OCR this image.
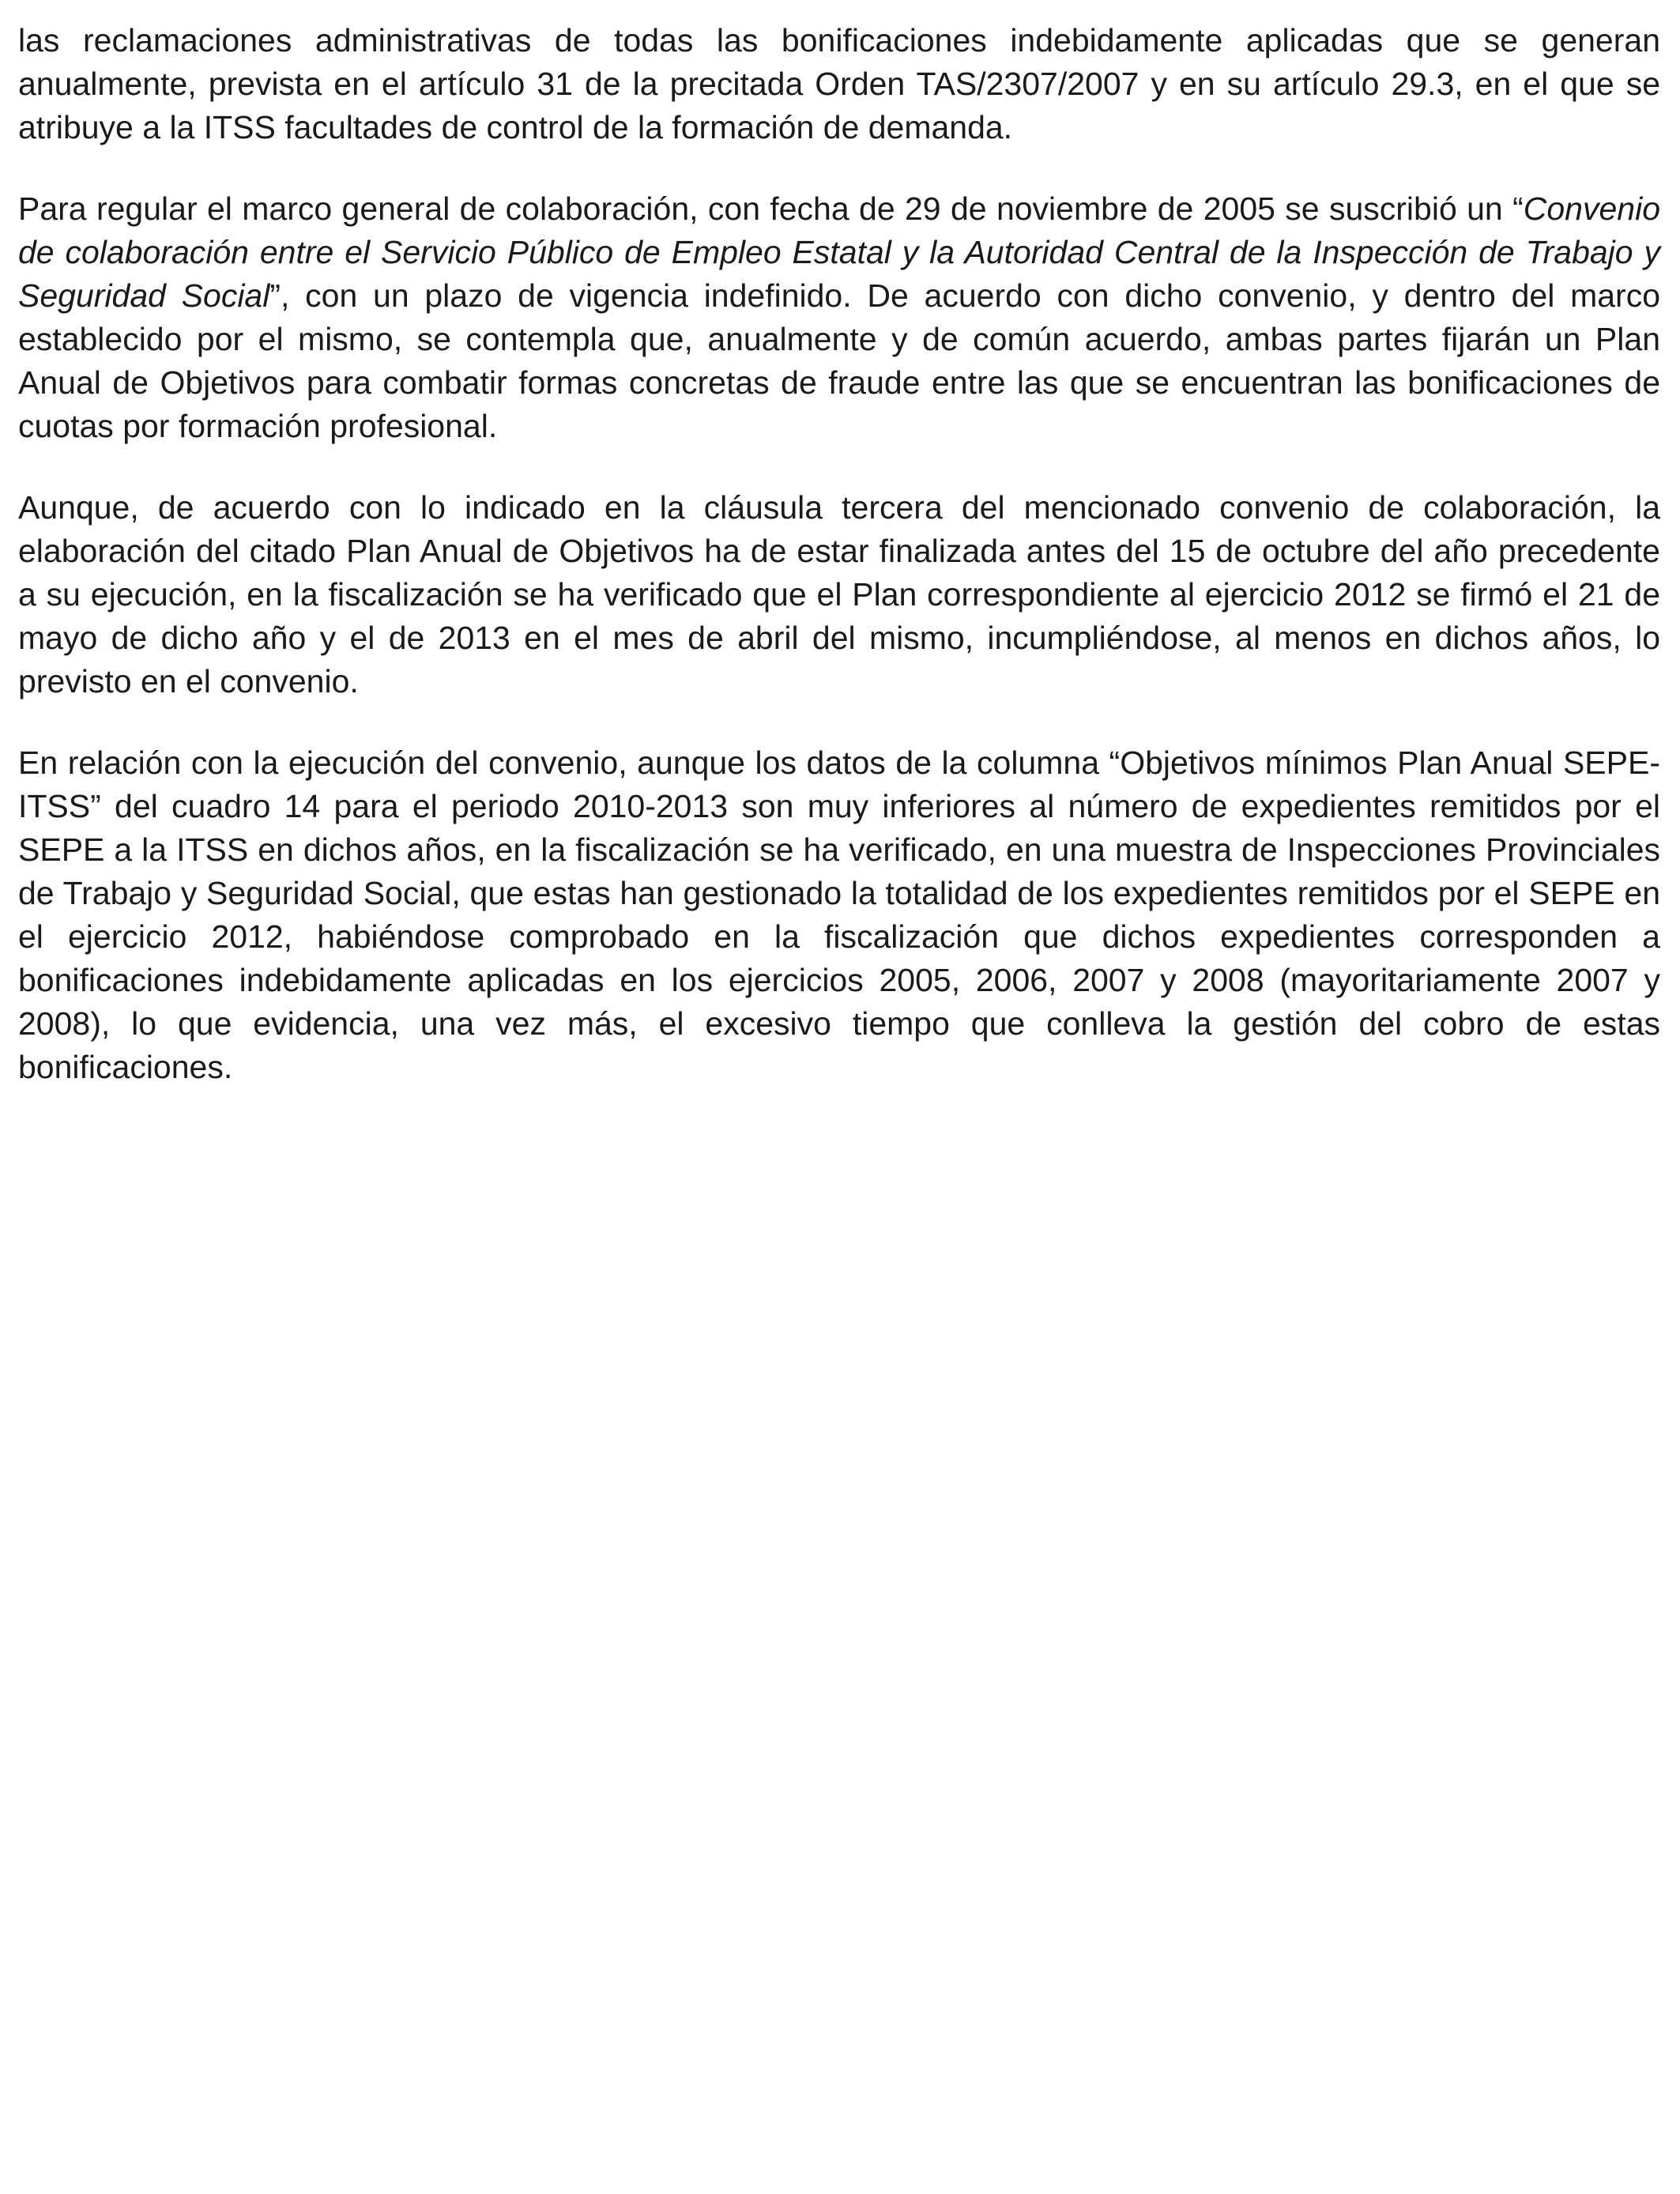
las reclamaciones administrativas de todas las bonificaciones indebidamente aplicadas que se generan anualmente, prevista en el artículo 31 de la precitada Orden TAS/2307/2007 y en su artículo 29.3, en el que se atribuye a la ITSS facultades de control de la formación de demanda.

Para regular el marco general de colaboración, con fecha de 29 de noviembre de 2005 se suscribió un “Convenio de colaboración entre el Servicio Público de Empleo Estatal y la Autoridad Central de la Inspección de Trabajo y Seguridad Social”, con un plazo de vigencia indefinido. De acuerdo con dicho convenio, y dentro del marco establecido por el mismo, se contempla que, anualmente y de común acuerdo, ambas partes fijarán un Plan Anual de Objetivos para combatir formas concretas de fraude entre las que se encuentran las bonificaciones de cuotas por formación profesional.

Aunque, de acuerdo con lo indicado en la cláusula tercera del mencionado convenio de colaboración, la elaboración del citado Plan Anual de Objetivos ha de estar finalizada antes del 15 de octubre del año precedente a su ejecución, en la fiscalización se ha verificado que el Plan correspondiente al ejercicio 2012 se firmó el 21 de mayo de dicho año y el de 2013 en el mes de abril del mismo, incumpliéndose, al menos en dichos años, lo previsto en el convenio.

En relación con la ejecución del convenio, aunque los datos de la columna “Objetivos mínimos Plan Anual SEPE-ITSS” del cuadro 14 para el periodo 2010-2013 son muy inferiores al número de expedientes remitidos por el SEPE a la ITSS en dichos años, en la fiscalización se ha verificado, en una muestra de Inspecciones Provinciales de Trabajo y Seguridad Social, que estas han gestionado la totalidad de los expedientes remitidos por el SEPE en el ejercicio 2012, habiéndose comprobado en la fiscalización que dichos expedientes corresponden a bonificaciones indebidamente aplicadas en los ejercicios 2005, 2006, 2007 y 2008 (mayoritariamente 2007 y 2008), lo que evidencia, una vez más, el excesivo tiempo que conlleva la gestión del cobro de estas bonificaciones.
